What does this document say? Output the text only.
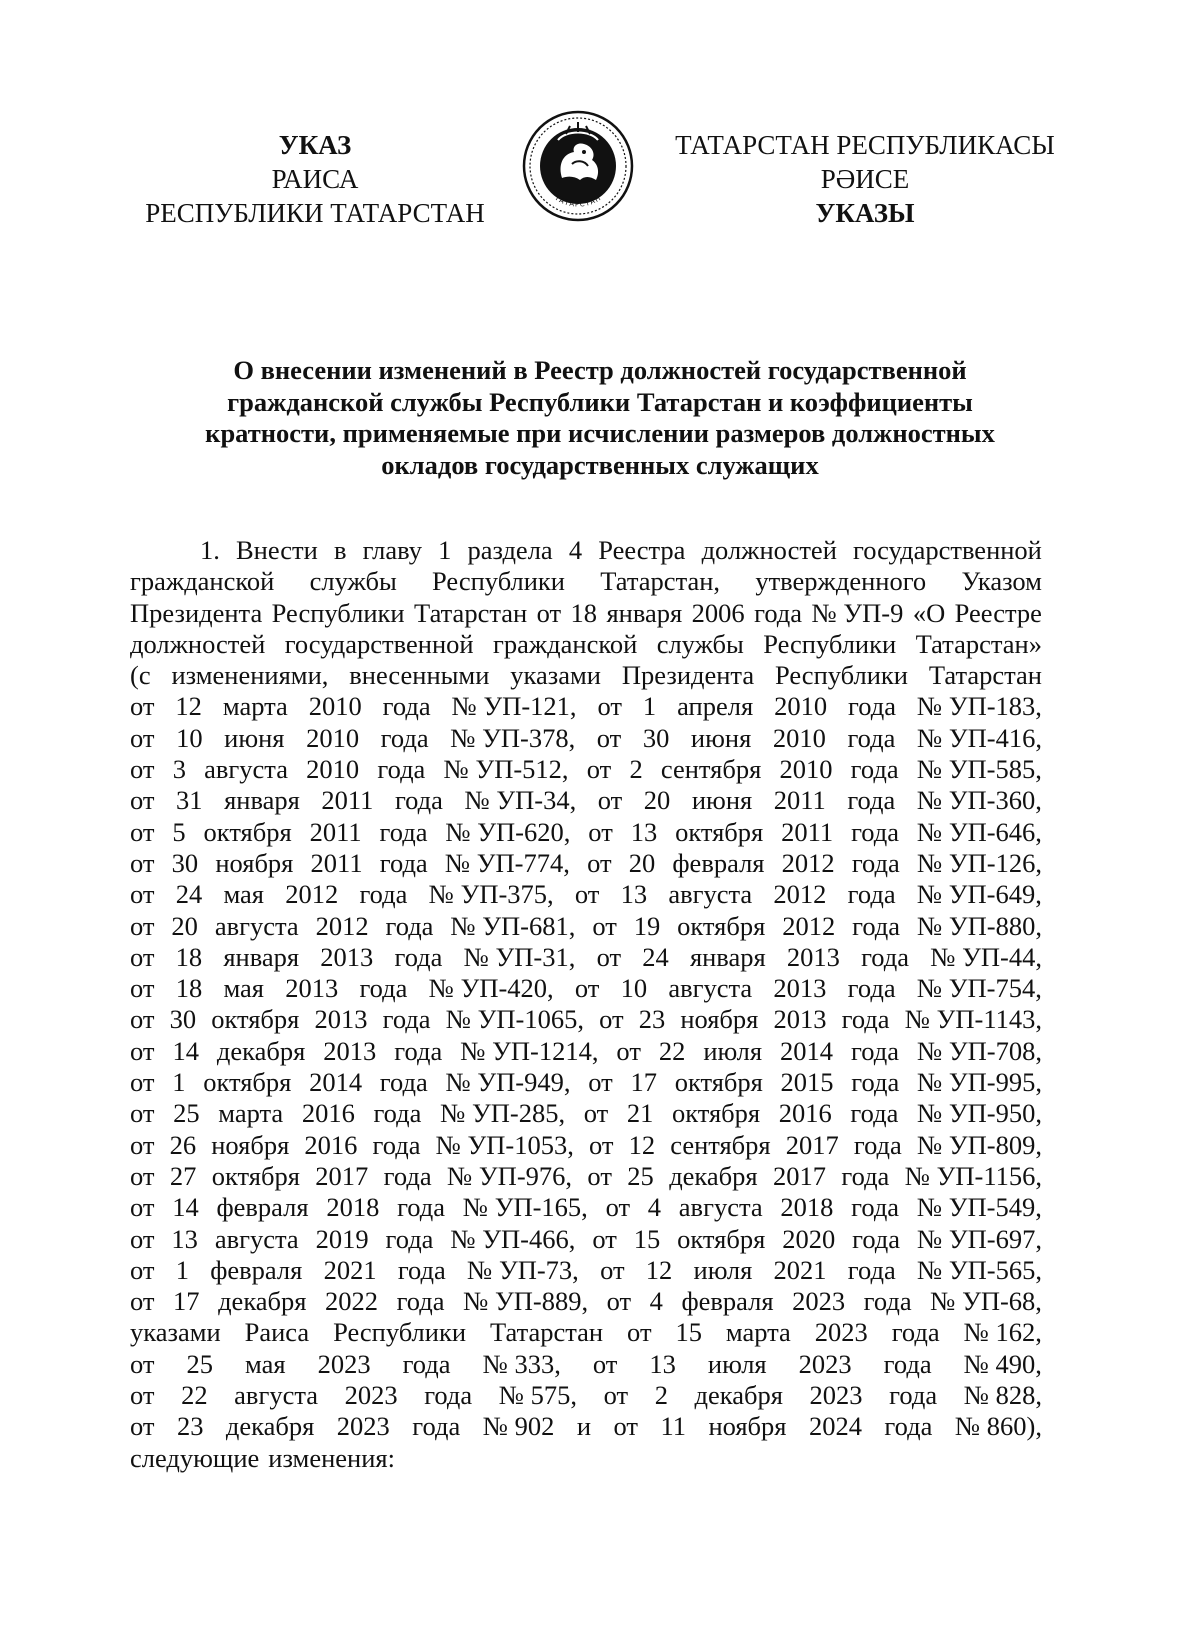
УКАЗ
РАИСА
РЕСПУБЛИКИ ТАТАРСТАН	ТАТАРСТАН
ТАТАРСТАН РЕСПУБЛИКАСЫ
РӘИСЕ
УКАЗЫ
О внесении изменений в Реестр должностей государственной
гражданской службы Республики Татарстан и коэффициенты
кратности, применяемые при исчислении размеров должностных
окладов государственных служащих
1. Внести в главу 1 раздела 4 Реестра должностей государственной
гражданской службы Республики Татарстан, утвержденного Указом
Президента Республики Татарстан от 18 января 2006 года № УП-9 «О Реестре
должностей государственной гражданской службы Республики Татарстан»
(с изменениями, внесенными указами Президента Республики Татарстан
от 12 марта 2010 года № УП-121, от 1 апреля 2010 года № УП-183,
от 10 июня 2010 года № УП-378, от 30 июня 2010 года № УП-416,
от 3 августа 2010 года № УП-512, от 2 сентября 2010 года № УП-585,
от 31 января 2011 года № УП-34, от 20 июня 2011 года № УП-360,
от 5 октября 2011 года № УП-620, от 13 октября 2011 года № УП-646,
от 30 ноября 2011 года № УП-774, от 20 февраля 2012 года № УП-126,
от 24 мая 2012 года № УП-375, от 13 августа 2012 года № УП-649,
от 20 августа 2012 года № УП-681, от 19 октября 2012 года № УП-880,
от 18 января 2013 года № УП-31, от 24 января 2013 года № УП-44,
от 18 мая 2013 года № УП-420, от 10 августа 2013 года № УП-754,
от 30 октября 2013 года № УП-1065, от 23 ноября 2013 года № УП-1143,
от 14 декабря 2013 года № УП-1214, от 22 июля 2014 года № УП-708,
от 1 октября 2014 года № УП-949, от 17 октября 2015 года № УП-995,
от 25 марта 2016 года № УП-285, от 21 октября 2016 года № УП-950,
от 26 ноября 2016 года № УП-1053, от 12 сентября 2017 года № УП-809,
от 27 октября 2017 года № УП-976, от 25 декабря 2017 года № УП-1156,
от 14 февраля 2018 года № УП-165, от 4 августа 2018 года № УП-549,
от 13 августа 2019 года № УП-466, от 15 октября 2020 года № УП-697,
от 1 февраля 2021 года № УП-73, от 12 июля 2021 года № УП-565,
от 17 декабря 2022 года № УП-889, от 4 февраля 2023 года № УП-68,
указами Раиса Республики Татарстан от 15 марта 2023 года № 162,
от 25 мая 2023 года № 333, от 13 июля 2023 года № 490,
от 22 августа 2023 года № 575, от 2 декабря 2023 года № 828,
от 23 декабря 2023 года № 902 и от 11 ноября 2024 года № 860),
следующие изменения:
